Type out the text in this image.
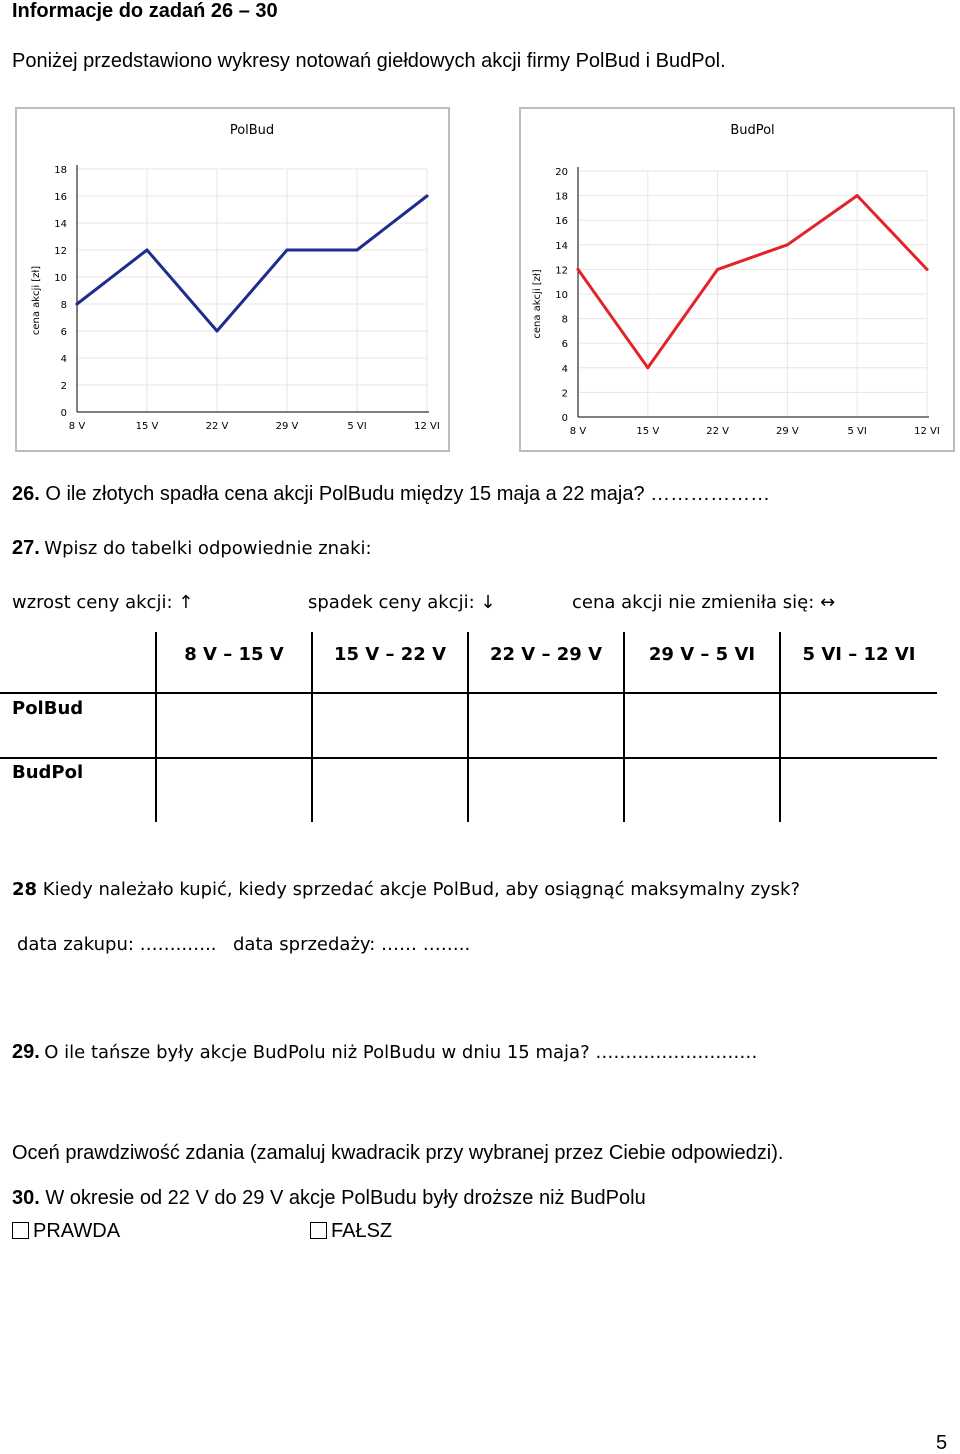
Informacje do zadań 26 – 30
Poniżej przedstawiono wykresy notowań giełdowych akcji firmy PolBud i BudPol.
PolBud
0
2
4
6
8
10
12
14
16
18
8 V	15 V	22 V	29 V	5 VI	12 VI
cena akcji [zł]
BudPol
0
2
4
6
8
10
12
14
16
18
20
8 V	15 V	22 V	29 V	5 VI	12 VI
cena akcji [zł]
26. O ile złotych spadła cena akcji PolBudu między 15 maja a 22 maja? ………………
27. Wpisz do tabelki odpowiednie znaki:
wzrost ceny akcji: ↑	spadek ceny akcji: ↓	cena akcji nie zmieniła się: ↔
8 V – 15 V	15 V – 22 V	22 V – 29 V	29 V – 5 VI	5 VI – 12 VI
PolBud
BudPol
28 Kiedy należało kupić, kiedy sprzedać akcje PolBud, aby osiągnąć maksymalny zysk?
data zakupu: ……..….. data sprzedaży: …… ……..
29. O ile tańsze były akcje BudPolu niż PolBudu w dniu 15 maja? ………………………
Oceń prawdziwość zdania (zamaluj kwadracik przy wybranej przez Ciebie odpowiedzi).
30. W okresie od 22 V do 29 V akcje PolBudu były droższe niż BudPolu
PRAWDA	FAŁSZ
5
